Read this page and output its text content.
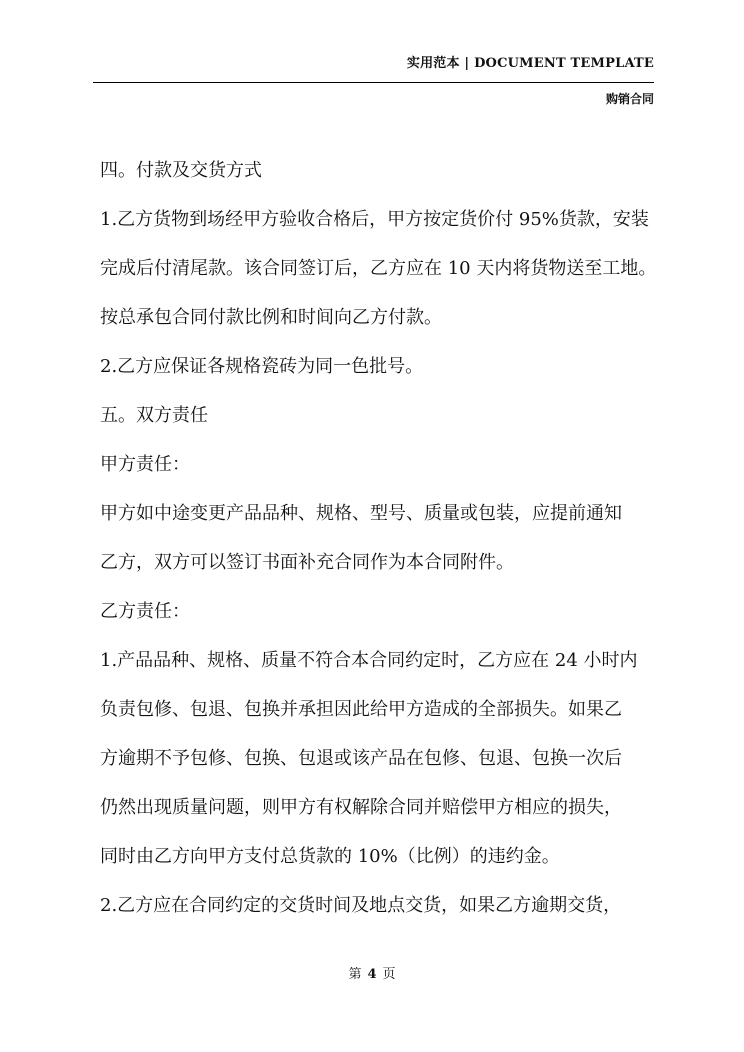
实用范本 | DOCUMENT TEMPLATE
购销合同

四。付款及交货方式

1.乙方货物到场经甲方验收合格后，甲方按定货价付 95%货款，安装

完成后付清尾款。该合同签订后，乙方应在 10 天内将货物送至工地。

按总承包合同付款比例和时间向乙方付款。

2.乙方应保证各规格瓷砖为同一色批号。

五。双方责任

甲方责任：

甲方如中途变更产品品种、规格、型号、质量或包装，应提前通知

乙方，双方可以签订书面补充合同作为本合同附件。

乙方责任：

1.产品品种、规格、质量不符合本合同约定时，乙方应在 24 小时内

负责包修、包退、包换并承担因此给甲方造成的全部损失。如果乙

方逾期不予包修、包换、包退或该产品在包修、包退、包换一次后

仍然出现质量问题，则甲方有权解除合同并赔偿甲方相应的损失，

同时由乙方向甲方支付总货款的 10%（比例）的违约金。

2.乙方应在合同约定的交货时间及地点交货，如果乙方逾期交货，

第 4 页
